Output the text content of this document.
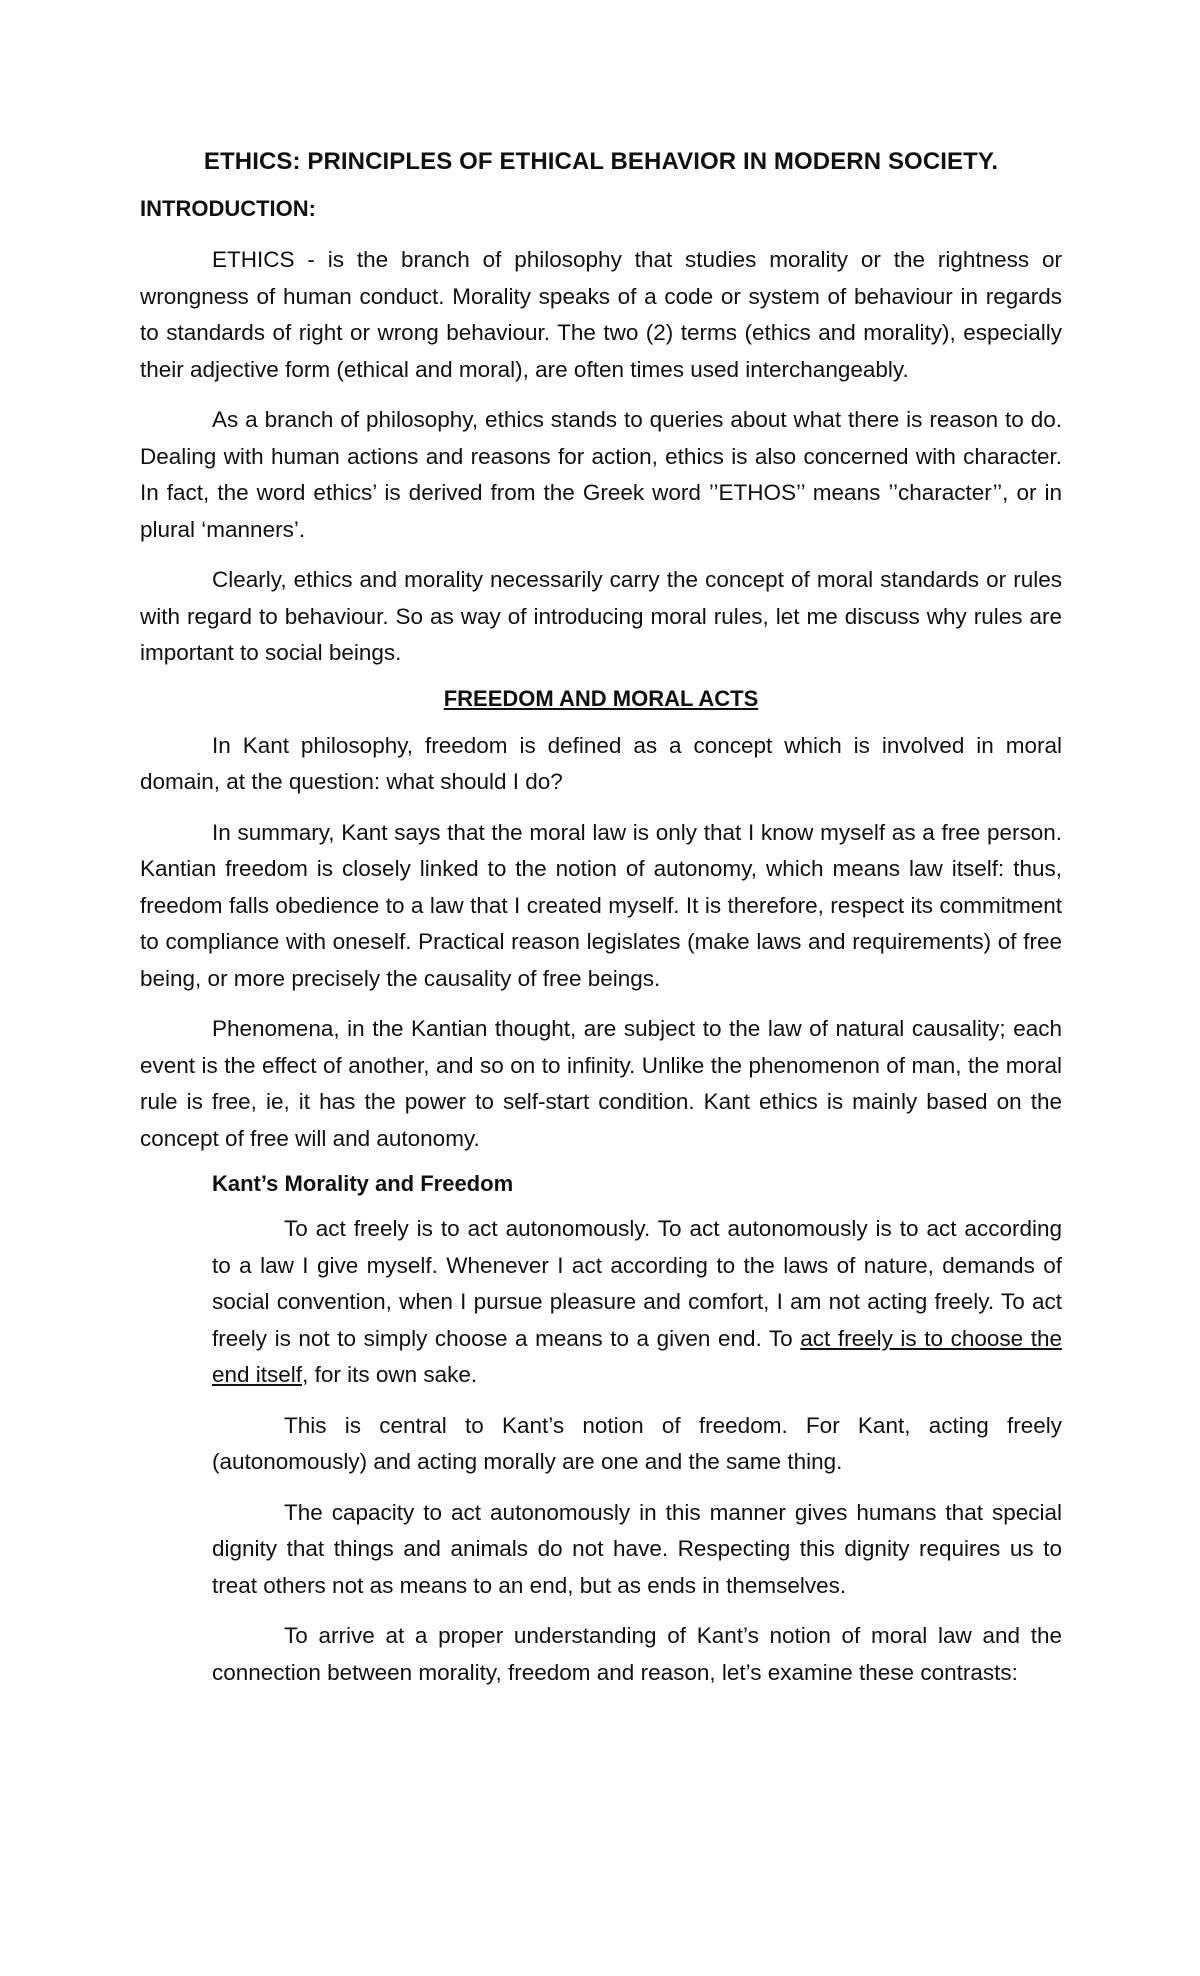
ETHICS: PRINCIPLES OF ETHICAL BEHAVIOR IN MODERN SOCIETY.
INTRODUCTION:

ETHICS - is the branch of philosophy that studies morality or the rightness or wrongness of human conduct. Morality speaks of a code or system of behaviour in regards to standards of right or wrong behaviour. The two (2) terms (ethics and morality), especially their adjective form (ethical and moral), are often times used interchangeably.

As a branch of philosophy, ethics stands to queries about what there is reason to do. Dealing with human actions and reasons for action, ethics is also concerned with character. In fact, the word ethics’ is derived from the Greek word ’’ETHOS’’ means ’’character’’, or in plural ‘manners’.

Clearly, ethics and morality necessarily carry the concept of moral standards or rules with regard to behaviour. So as way of introducing moral rules, let me discuss why rules are important to social beings.

FREEDOM AND MORAL ACTS

In Kant philosophy, freedom is defined as a concept which is involved in moral domain, at the question: what should I do?

In summary, Kant says that the moral law is only that I know myself as a free person. Kantian freedom is closely linked to the notion of autonomy, which means law itself: thus, freedom falls obedience to a law that I created myself. It is therefore, respect its commitment to compliance with oneself. Practical reason legislates (make laws and requirements) of free being, or more precisely the causality of free beings.

Phenomena, in the Kantian thought, are subject to the law of natural causality; each event is the effect of another, and so on to infinity. Unlike the phenomenon of man, the moral rule is free, ie, it has the power to self-start condition. Kant ethics is mainly based on the concept of free will and autonomy.

Kant’s Morality and Freedom

To act freely is to act autonomously. To act autonomously is to act according to a law I give myself. Whenever I act according to the laws of nature, demands of social convention, when I pursue pleasure and comfort, I am not acting freely. To act freely is not to simply choose a means to a given end. To act freely is to choose the end itself, for its own sake.

This is central to Kant’s notion of freedom. For Kant, acting freely (autonomously) and acting morally are one and the same thing.

The capacity to act autonomously in this manner gives humans that special dignity that things and animals do not have. Respecting this dignity requires us to treat others not as means to an end, but as ends in themselves.

To arrive at a proper understanding of Kant’s notion of moral law and the connection between morality, freedom and reason, let’s examine these contrasts:
